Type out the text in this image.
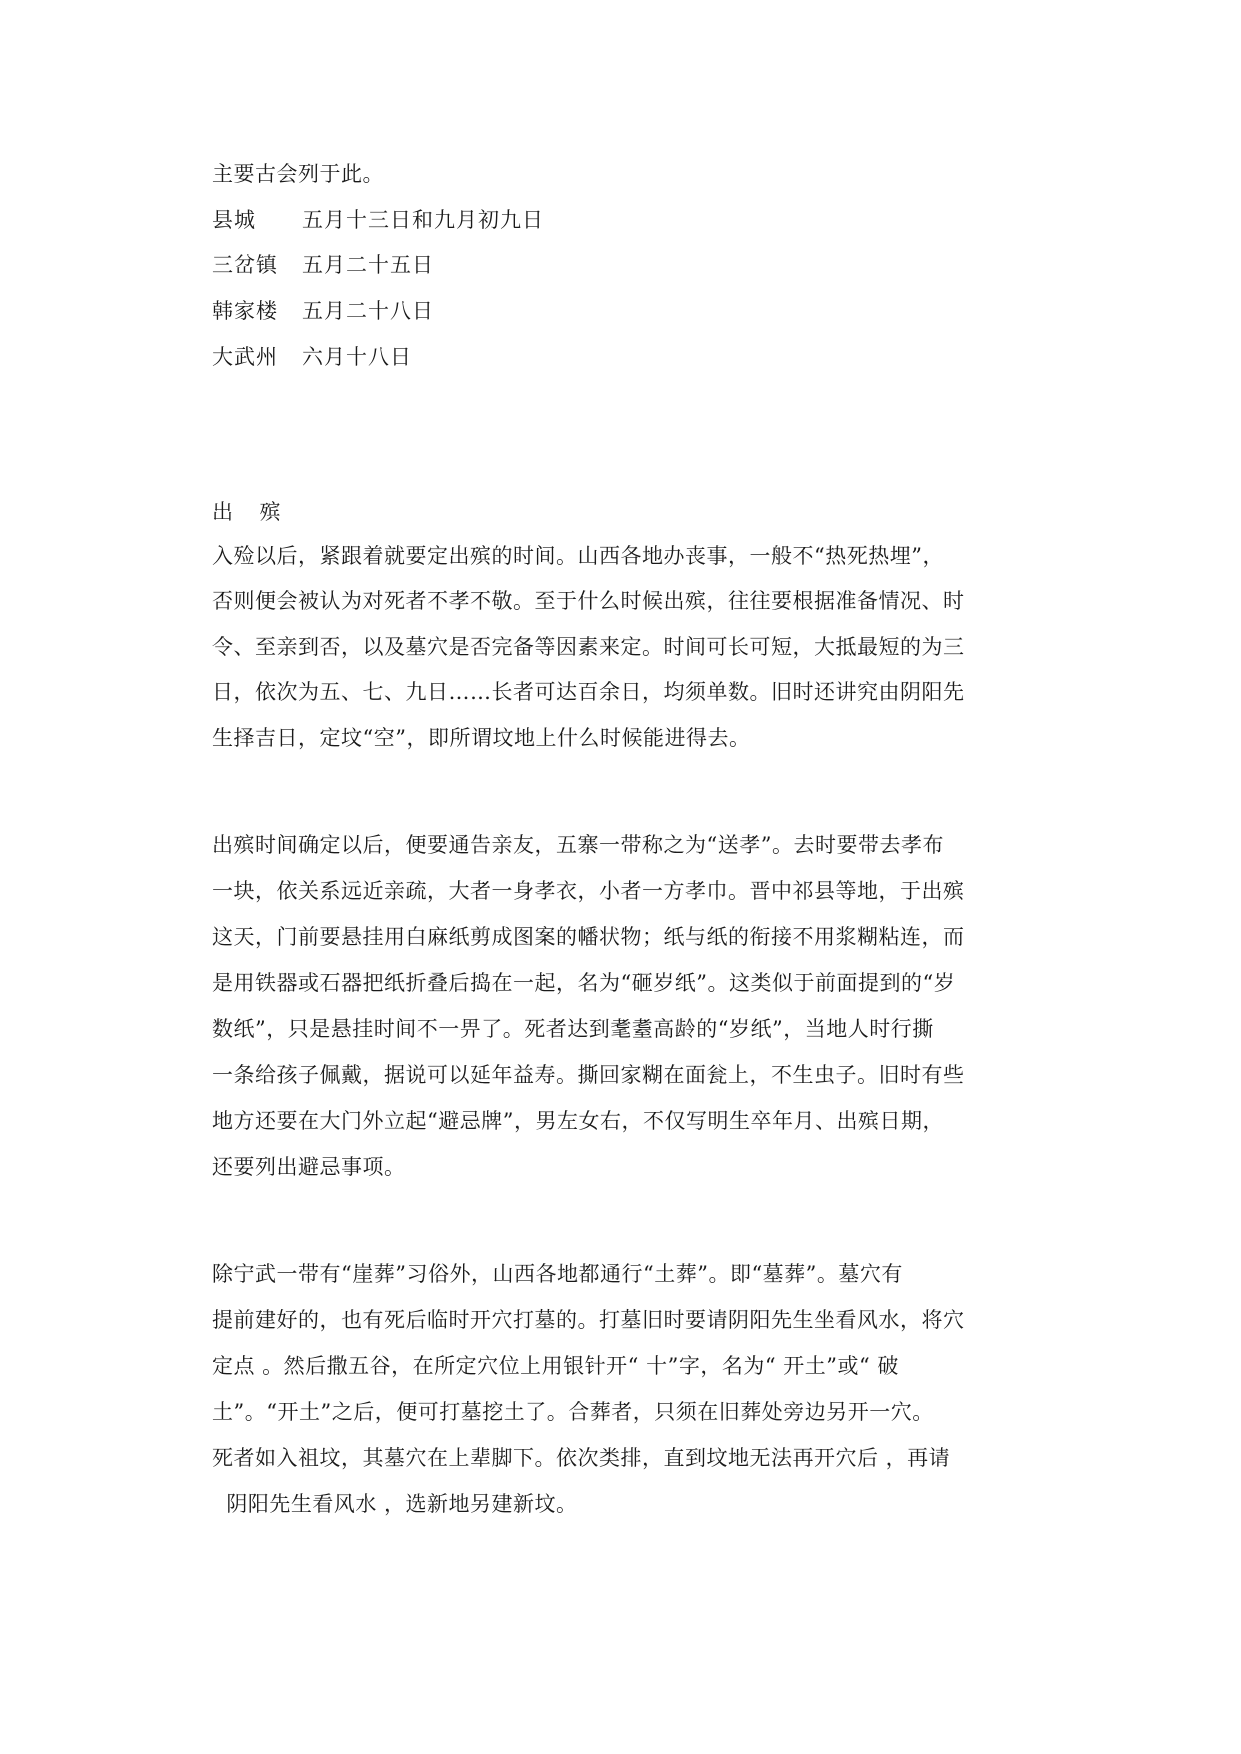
主要古会列于此。
县城 五月十三日和九月初九日
三岔镇 五月二十五日
韩家楼 五月二十八日
大武州 六月十八日
出 殡
入殓以后，紧跟着就要定出殡的时间。山西各地办丧事，一般不“热死热埋”，
否则便会被认为对死者不孝不敬。至于什么时候出殡，往往要根据准备情况、时
令、至亲到否，以及墓穴是否完备等因素来定。时间可长可短，大抵最短的为三
日，依次为五、七、九日……长者可达百余日，均须单数。旧时还讲究由阴阳先
生择吉日，定坟“空”，即所谓坟地上什么时候能进得去。
出殡时间确定以后，便要通告亲友，五寨一带称之为“送孝”。去时要带去孝布
一块，依关系远近亲疏，大者一身孝衣，小者一方孝巾。晋中祁县等地，于出殡
这天，门前要悬挂用白麻纸剪成图案的幡状物；纸与纸的衔接不用浆糊粘连，而
是用铁器或石器把纸折叠后捣在一起，名为“砸岁纸”。这类似于前面提到的“岁
数纸”，只是悬挂时间不一畀了。死者达到耄耋高龄的“岁纸”，当地人时行撕
一条给孩子佩戴，据说可以延年益寿。撕回家糊在面瓮上，不生虫子。旧时有些
地方还要在大门外立起“避忌牌”，男左女右，不仅写明生卒年月、出殡日期，
还要列出避忌事项。
除宁武一带有“崖葬”习俗外，山西各地都通行“土葬”。即“墓葬”。墓穴有
提前建好的，也有死后临时开穴打墓的。打墓旧时要请阴阳先生坐看风水，将穴
定点 。然后撒五谷，在所定穴位上用银针开“ 十”字，名为“ 开土”或“ 破
土”。“开土”之后，便可打墓挖土了。合葬者，只须在旧葬处旁边另开一穴。
死者如入祖坟，其墓穴在上辈脚下。依次类排，直到坟地无法再开穴后 ，再请
阴阳先生看风水 ，选新地另建新坟。
